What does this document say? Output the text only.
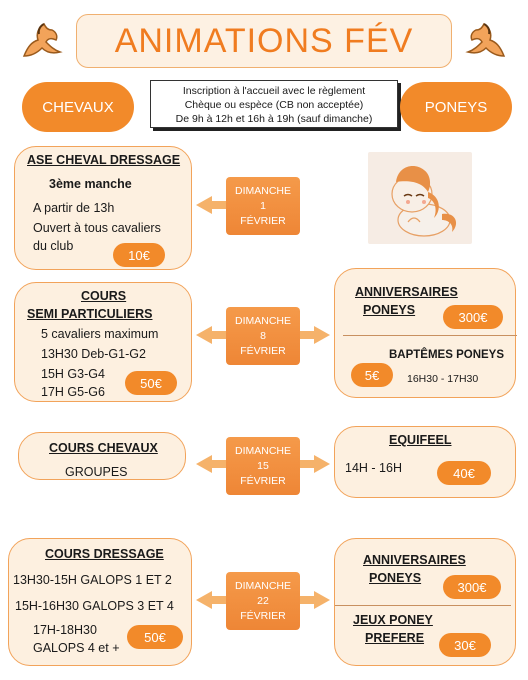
ANIMATIONS FÉV
CHEVAUX
Inscription à l'accueil avec le règlement
Chèque ou espèce (CB non acceptée)
De 9h à 12h et 16h à 19h (sauf dimanche)
PONEYS
DIMANCHE
1
FÉVRIER
DIMANCHE
8
FÉVRIER
DIMANCHE
15
FÉVRIER
DIMANCHE
22
FÉVRIER
ASE CHEVAL DRESSAGE
3ème manche
A partir de 13h
Ouvert à tous cavaliers
du club
10€
COURS
SEMI PARTICULIERS
5 cavaliers maximum
13H30 Deb-G1-G2
15H G3-G4
17H G5-G6
50€
ANNIVERSAIRES
PONEYS	300€
BAPTÊMES PONEYS
5€	16H30 - 17H30
COURS CHEVAUX
GROUPES
EQUIFEEL
14H - 16H	40€
COURS DRESSAGE
13H30-15H GALOPS 1 ET 2
15H-16H30 GALOPS 3 ET 4
17H-18H30
GALOPS 4 et +
50€
ANNIVERSAIRES
PONEYS
300€
JEUX PONEY
PREFERE	30€
